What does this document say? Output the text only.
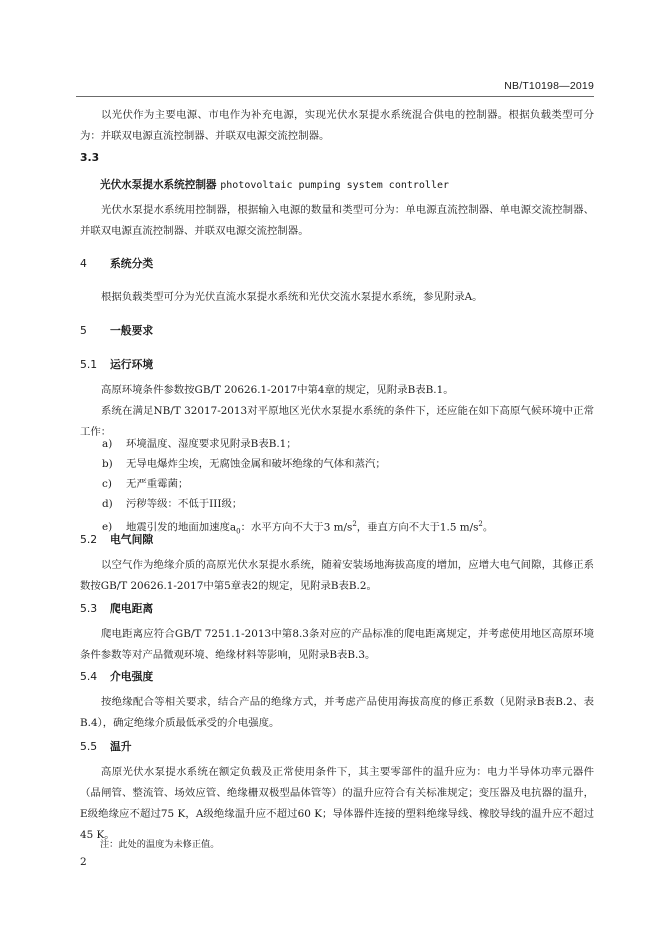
NB/T10198—2019
以光伏作为主要电源、市电作为补充电源，实现光伏水泵提水系统混合供电的控制器。根据负载类型可分为：并联双电源直流控制器、并联双电源交流控制器。
3.3
光伏水泵提水系统控制器 photovoltaic pumping system controller
光伏水泵提水系统用控制器，根据输入电源的数量和类型可分为：单电源直流控制器、单电源交流控制器、并联双电源直流控制器、并联双电源交流控制器。
4 系统分类
根据负载类型可分为光伏直流水泵提水系统和光伏交流水泵提水系统，参见附录A。
5 一般要求
5.1 运行环境
高原环境条件参数按GB/T 20626.1-2017中第4章的规定，见附录B表B.1。
系统在满足NB/T 32017-2013对平原地区光伏水泵提水系统的条件下，还应能在如下高原气候环境中正常工作：
a) 环境温度、湿度要求见附录B表B.1；
b) 无导电爆炸尘埃，无腐蚀金属和破坏绝缘的气体和蒸汽；
c) 无严重霉菌；
d) 污秽等级：不低于III级；
e) 地震引发的地面加速度$a_0$：水平方向不大于3 $m/s^2$，垂直方向不大于1.5 $m/s^2$。
5.2 电气间隙
以空气作为绝缘介质的高原光伏水泵提水系统，随着安装场地海拔高度的增加，应增大电气间隙，其修正系数按GB/T 20626.1-2017中第5章表2的规定，见附录B表B.2。
5.3 爬电距离
爬电距离应符合GB/T 7251.1-2013中第8.3条对应的产品标准的爬电距离规定，并考虑使用地区高原环境条件参数等对产品微观环境、绝缘材料等影响，见附录B表B.3。
5.4 介电强度
按绝缘配合等相关要求，结合产品的绝缘方式，并考虑产品使用海拔高度的修正系数（见附录B表B.2、表B.4），确定绝缘介质最低承受的介电强度。
5.5 温升
高原光伏水泵提水系统在额定负载及正常使用条件下，其主要零部件的温升应为：电力半导体功率元器件（晶闸管、整流管、场效应管、绝缘栅双极型晶体管等）的温升应符合有关标准规定；变压器及电抗器的温升，E级绝缘应不超过75 K，A级绝缘温升应不超过60 K；导体器件连接的塑料绝缘导线、橡胶导线的温升应不超过45 K。
注：此处的温度为未修正值。
2
